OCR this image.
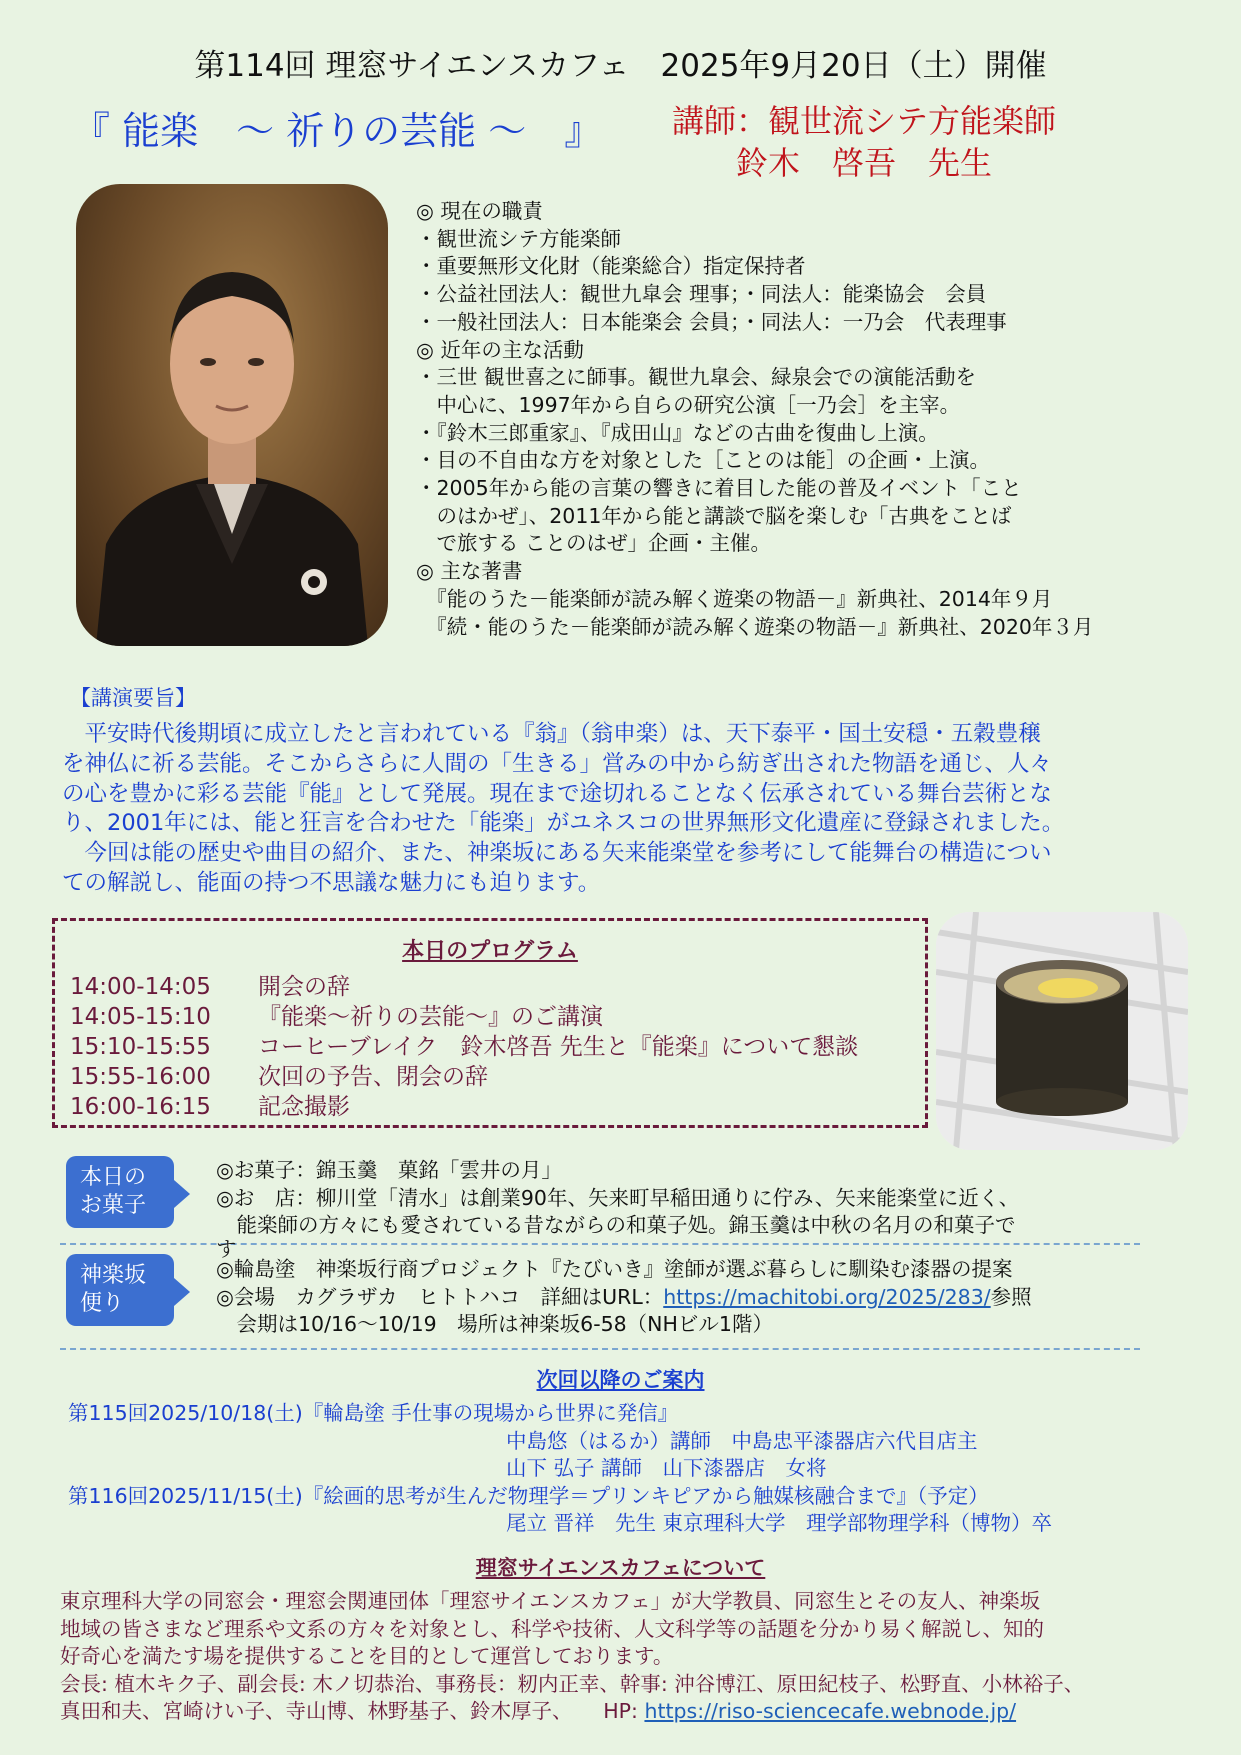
第114回 理窓サイエンスカフェ　2025年9月20日（土）開催
『 能楽　～ 祈りの芸能 ～　』 講師：観世流シテ方能楽師
　　鈴木　啓吾　先生
◎ 現在の職責
・観世流シテ方能楽師
・重要無形文化財（能楽総合）指定保持者
・公益社団法人：観世九皐会 理事；・同法人：能楽協会　会員
・一般社団法人：日本能楽会 会員；・同法人：一乃会　代表理事
◎ 近年の主な活動
・三世 観世喜之に師事。観世九皐会、緑泉会での演能活動を
　中心に、1997年から自らの研究公演［一乃会］を主宰。
・『鈴木三郎重家』、『成田山』などの古曲を復曲し上演。
・目の不自由な方を対象とした［ことのは能］の企画・上演。
・2005年から能の言葉の響きに着目した能の普及イベント「こと
　のはかぜ」、2011年から能と講談で脳を楽しむ「古典をことば
　で旅する ことのはぜ」企画・主催。
◎ 主な著書
　『能のうた－能楽師が読み解く遊楽の物語－』新典社、2014年９月
　『続・能のうた－能楽師が読み解く遊楽の物語－』新典社、2020年３月
【講演要旨】
　平安時代後期頃に成立したと言われている『翁』（翁申楽）は、天下泰平・国土安穏・五穀豊穣
を神仏に祈る芸能。そこからさらに人間の「生きる」営みの中から紡ぎ出された物語を通じ、人々
の心を豊かに彩る芸能『能』として発展。現在まで途切れることなく伝承されている舞台芸術とな
り、2001年には、能と狂言を合わせた「能楽」がユネスコの世界無形文化遺産に登録されました。
　今回は能の歴史や曲目の紹介、また、神楽坂にある矢来能楽堂を参考にして能舞台の構造につい
ての解説し、能面の持つ不思議な魅力にも迫ります。
本日のプログラム
14:00-14:05 開会の辞
14:05-15:10 『能楽～祈りの芸能～』のご講演
15:10-15:55 コーヒーブレイク　鈴木啓吾 先生と『能楽』について懇談
15:55-16:00 次回の予告、閉会の辞
16:00-16:15 記念撮影
本日の
お菓子
◎お菓子：錦玉羹　菓銘「雲井の月」
◎お　店：柳川堂「清水」は創業90年、矢来町早稲田通りに佇み、矢来能楽堂に近く、
　能楽師の方々にも愛されている昔ながらの和菓子処。錦玉羹は中秋の名月の和菓子で
す
神楽坂
便り
◎輪島塗　神楽坂行商プロジェクト『たびいき』塗師が選ぶ暮らしに馴染む漆器の提案
◎会場　カグラザカ　ヒトトハコ　詳細はURL：https://machitobi.org/2025/283/参照
　会期は10/16～10/19　場所は神楽坂6-58（NHビル1階）
次回以降のご案内
第115回2025/10/18(土)『輪島塗 手仕事の現場から世界に発信』
中島悠（はるか）講師　中島忠平漆器店六代目店主
山下 弘子 講師　山下漆器店　女将
第116回2025/11/15(土)『絵画的思考が生んだ物理学＝プリンキピアから触媒核融合まで』（予定）
尾立 晋祥　先生 東京理科大学　理学部物理学科（博物）卒
理窓サイエンスカフェについて
東京理科大学の同窓会・理窓会関連団体「理窓サイエンスカフェ」が大学教員、同窓生とその友人、神楽坂
地域の皆さまなど理系や文系の方々を対象とし、科学や技術、人文科学等の話題を分かり易く解説し、知的
好奇心を満たす場を提供することを目的として運営しております。
会長: 植木キク子、副会長: 木ノ切恭治、事務長：籾内正幸、幹事: 沖谷博江、原田紀枝子、松野直、小林裕子、
真田和夫、宮崎けい子、寺山博、林野基子、鈴木厚子、　　HP: https://riso-sciencecafe.webnode.jp/
